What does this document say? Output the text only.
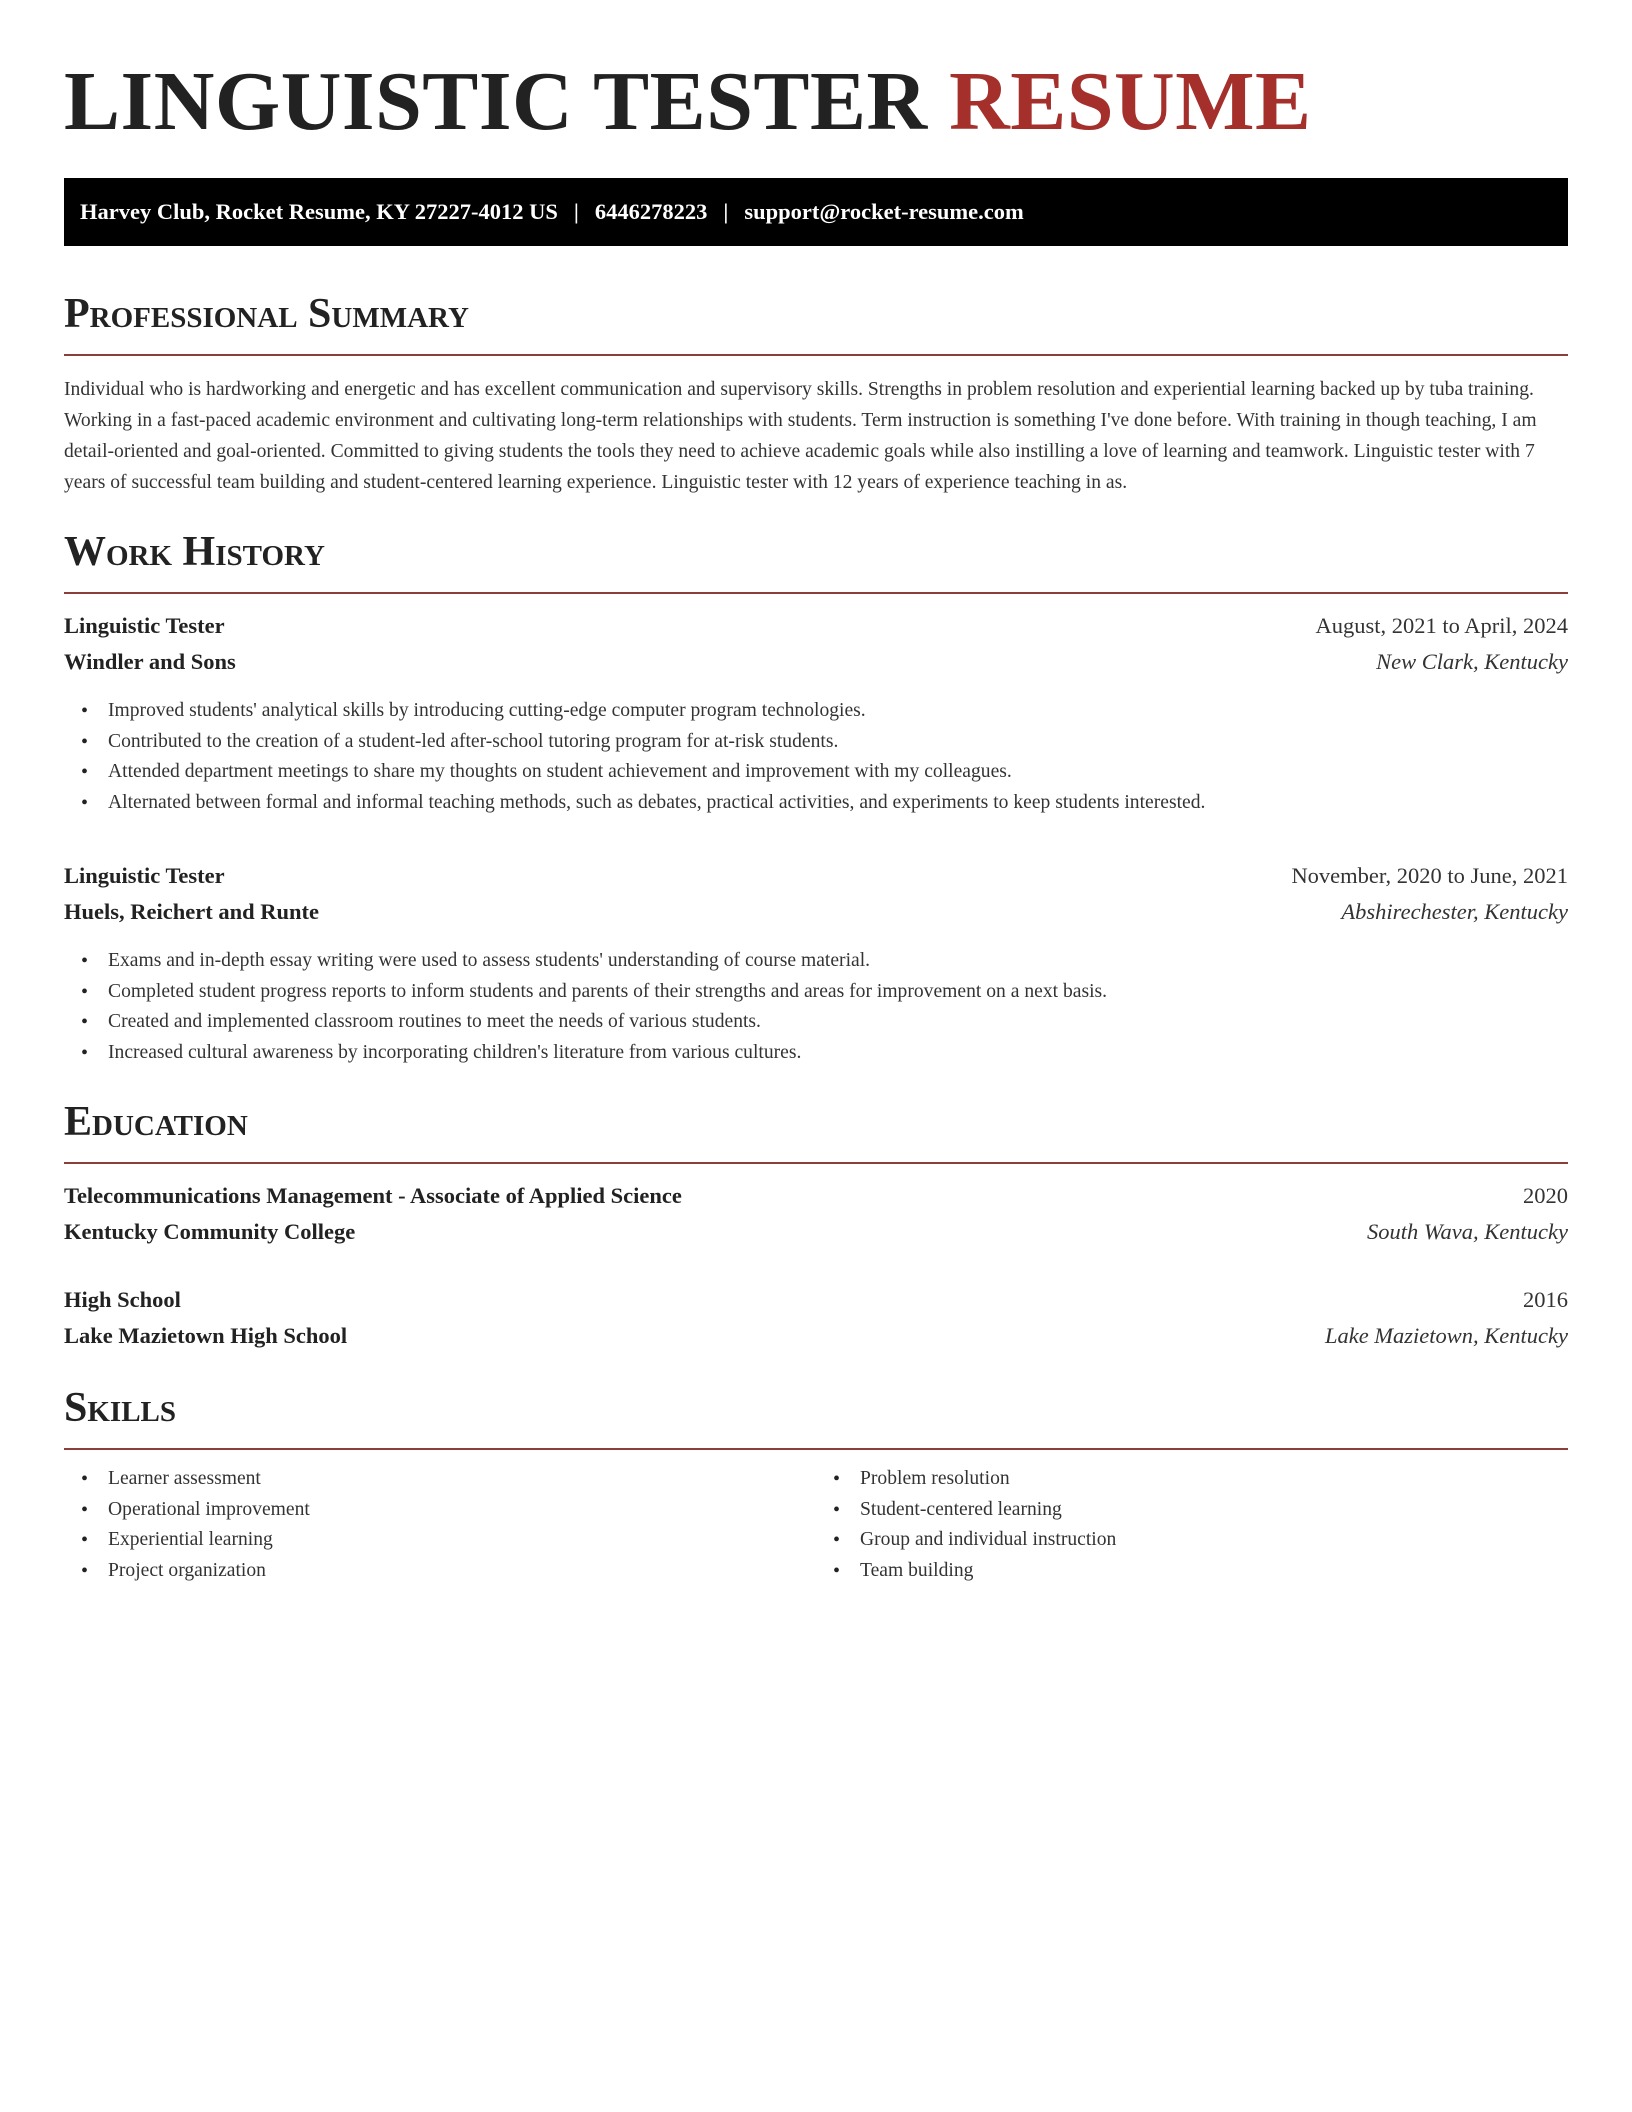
LINGUISTIC TESTER RESUME
Harvey Club, Rocket Resume, KY 27227-4012 US | 6446278223 | support@rocket-resume.com
Professional Summary

Individual who is hardworking and energetic and has excellent communication and supervisory skills. Strengths in problem resolution and experiential learning backed up by tuba training. Working in a fast-paced academic environment and cultivating long-term relationships with students. Term instruction is something I've done before. With training in though teaching, I am detail-oriented and goal-oriented. Committed to giving students the tools they need to achieve academic goals while also instilling a love of learning and teamwork. Linguistic tester with 7 years of successful team building and student-centered learning experience. Linguistic tester with 12 years of experience teaching in as.

Work History
Linguistic Tester	August, 2021 to April, 2024
Windler and Sons	New Clark, Kentucky
• Improved students' analytical skills by introducing cutting-edge computer program technologies.
• Contributed to the creation of a student-led after-school tutoring program for at-risk students.
• Attended department meetings to share my thoughts on student achievement and improvement with my colleagues.
• Alternated between formal and informal teaching methods, such as debates, practical activities, and experiments to keep students interested.
Linguistic Tester	November, 2020 to June, 2021
Huels, Reichert and Runte	Abshirechester, Kentucky
• Exams and in-depth essay writing were used to assess students' understanding of course material.
• Completed student progress reports to inform students and parents of their strengths and areas for improvement on a next basis.
• Created and implemented classroom routines to meet the needs of various students.
• Increased cultural awareness by incorporating children's literature from various cultures.
Education
Telecommunications Management - Associate of Applied Science	2020
Kentucky Community College	South Wava, Kentucky
High School	2016
Lake Mazietown High School	Lake Mazietown, Kentucky
Skills
• Learner assessment
• Operational improvement
• Experiential learning
• Project organization
• Problem resolution
• Student-centered learning
• Group and individual instruction
• Team building
